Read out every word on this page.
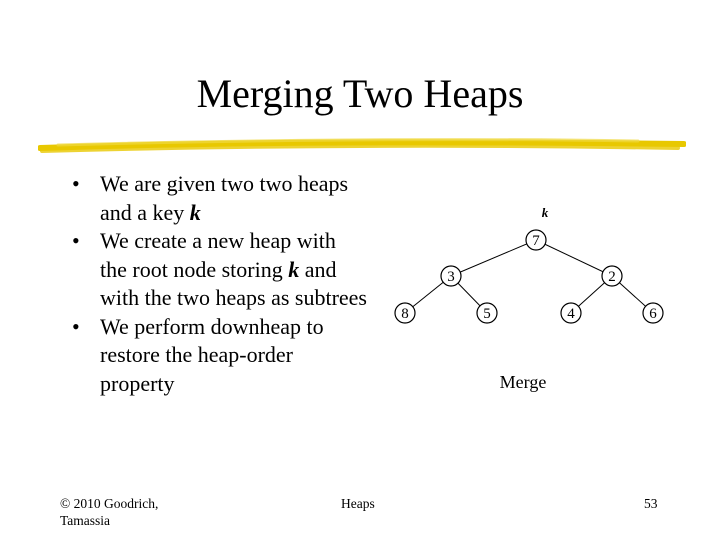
Merging Two Heaps
• We are given two two heaps and a key k
• We create a new heap with the root node storing k and with the two heaps as subtrees
• We perform downheap to restore the heap-order property
k
7
3	2
8	5	4	6
Merge
© 2010 Goodrich, Tamassia
Heaps	53
